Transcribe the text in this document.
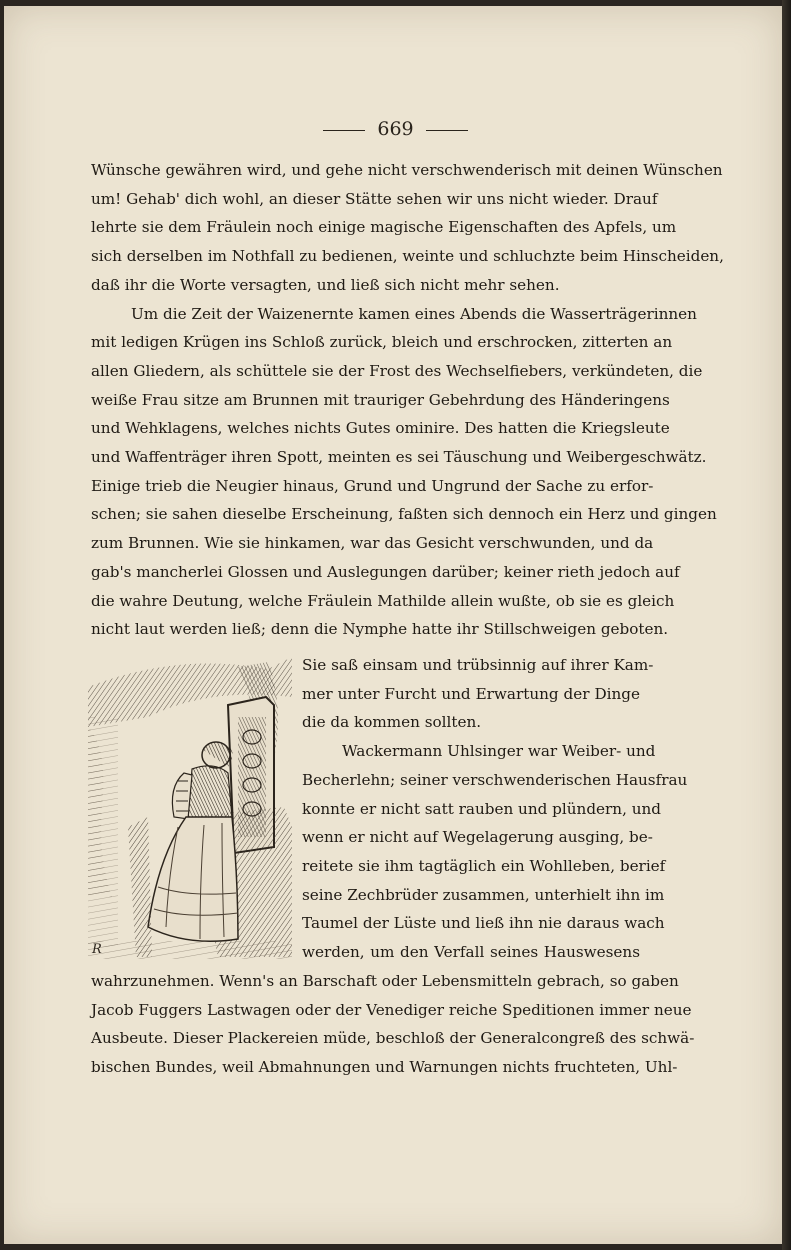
669
Wünsche gewähren wird, und gehe nicht verschwenderisch mit deinen Wünschen
um! Gehab' dich wohl, an dieser Stätte sehen wir uns nicht wieder. Drauf
lehrte sie dem Fräulein noch einige magische Eigenschaften des Apfels, um
sich derselben im Nothfall zu bedienen, weinte und schluchzte beim Hinscheiden,
daß ihr die Worte versagten, und ließ sich nicht mehr sehen.
Um die Zeit der Waizenernte kamen eines Abends die Wasserträgerinnen
mit ledigen Krügen ins Schloß zurück, bleich und erschrocken, zitterten an
allen Gliedern, als schüttele sie der Frost des Wechselfiebers, verkündeten, die
weiße Frau sitze am Brunnen mit trauriger Gebehrdung des Händeringens
und Wehklagens, welches nichts Gutes ominire. Des hatten die Kriegsleute
und Waffenträger ihren Spott, meinten es sei Täuschung und Weibergeschwätz.
Einige trieb die Neugier hinaus, Grund und Ungrund der Sache zu erfor-
schen; sie sahen dieselbe Erscheinung, faßten sich dennoch ein Herz und gingen
zum Brunnen. Wie sie hinkamen, war das Gesicht verschwunden, und da
gab's mancherlei Glossen und Auslegungen darüber; keiner rieth jedoch auf
die wahre Deutung, welche Fräulein Mathilde allein wußte, ob sie es gleich
nicht laut werden ließ; denn die Nymphe hatte ihr Stillschweigen geboten.
R
Sie saß einsam und trübsinnig auf ihrer Kam-
mer unter Furcht und Erwartung der Dinge
die da kommen sollten.
Wackermann Uhlsinger war Weiber- und
Becherlehn; seiner verschwenderischen Hausfrau
konnte er nicht satt rauben und plündern, und
wenn er nicht auf Wegelagerung ausging, be-
reitete sie ihm tagtäglich ein Wohlleben, berief
seine Zechbrüder zusammen, unterhielt ihn im
Taumel der Lüste und ließ ihn nie daraus wach
werden, um den Verfall seines Hauswesens
wahrzunehmen. Wenn's an Barschaft oder Lebensmitteln gebrach, so gaben
Jacob Fuggers Lastwagen oder der Venediger reiche Speditionen immer neue
Ausbeute. Dieser Plackereien müde, beschloß der Generalcongreß des schwä-
bischen Bundes, weil Abmahnungen und Warnungen nichts fruchteten, Uhl-
